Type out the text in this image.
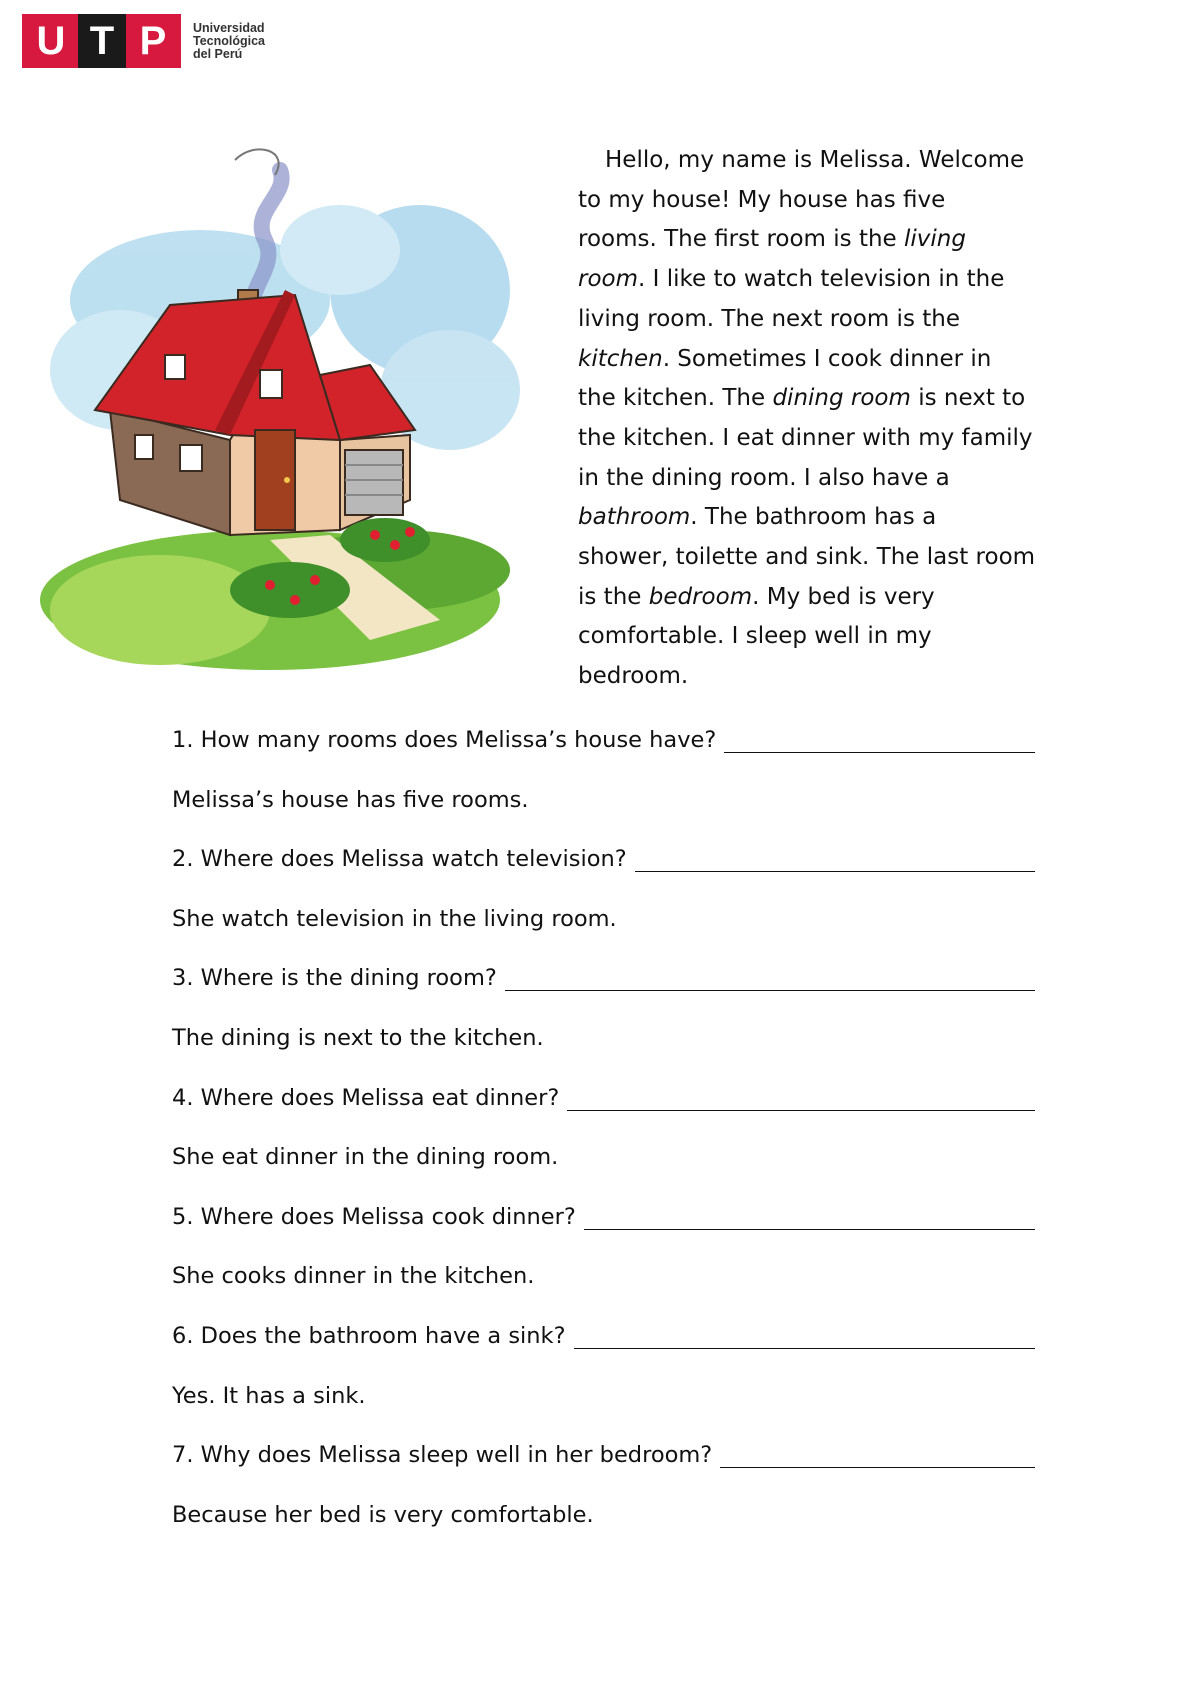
U T P	Universidad
Tecnológica
del Perú
Hello, my name is Melissa. Welcome
to my house! My house has five
rooms. The first room is the living
room. I like to watch television in the
living room. The next room is the
kitchen. Sometimes I cook dinner in
the kitchen. The dining room is next to
the kitchen. I eat dinner with my family
in the dining room. I also have a
bathroom. The bathroom has a
shower, toilette and sink. The last room
is the bedroom. My bed is very
comfortable. I sleep well in my
bedroom.
1. How many rooms does Melissa’s house have?
Melissa’s house has five rooms.
2. Where does Melissa watch television?
She watch television in the living room.
3. Where is the dining room?
The dining is next to the kitchen.
4. Where does Melissa eat dinner?
She eat dinner in the dining room.
5. Where does Melissa cook dinner?
She cooks dinner in the kitchen.
6. Does the bathroom have a sink?
Yes. It has a sink.
7. Why does Melissa sleep well in her bedroom?
Because her bed is very comfortable.
